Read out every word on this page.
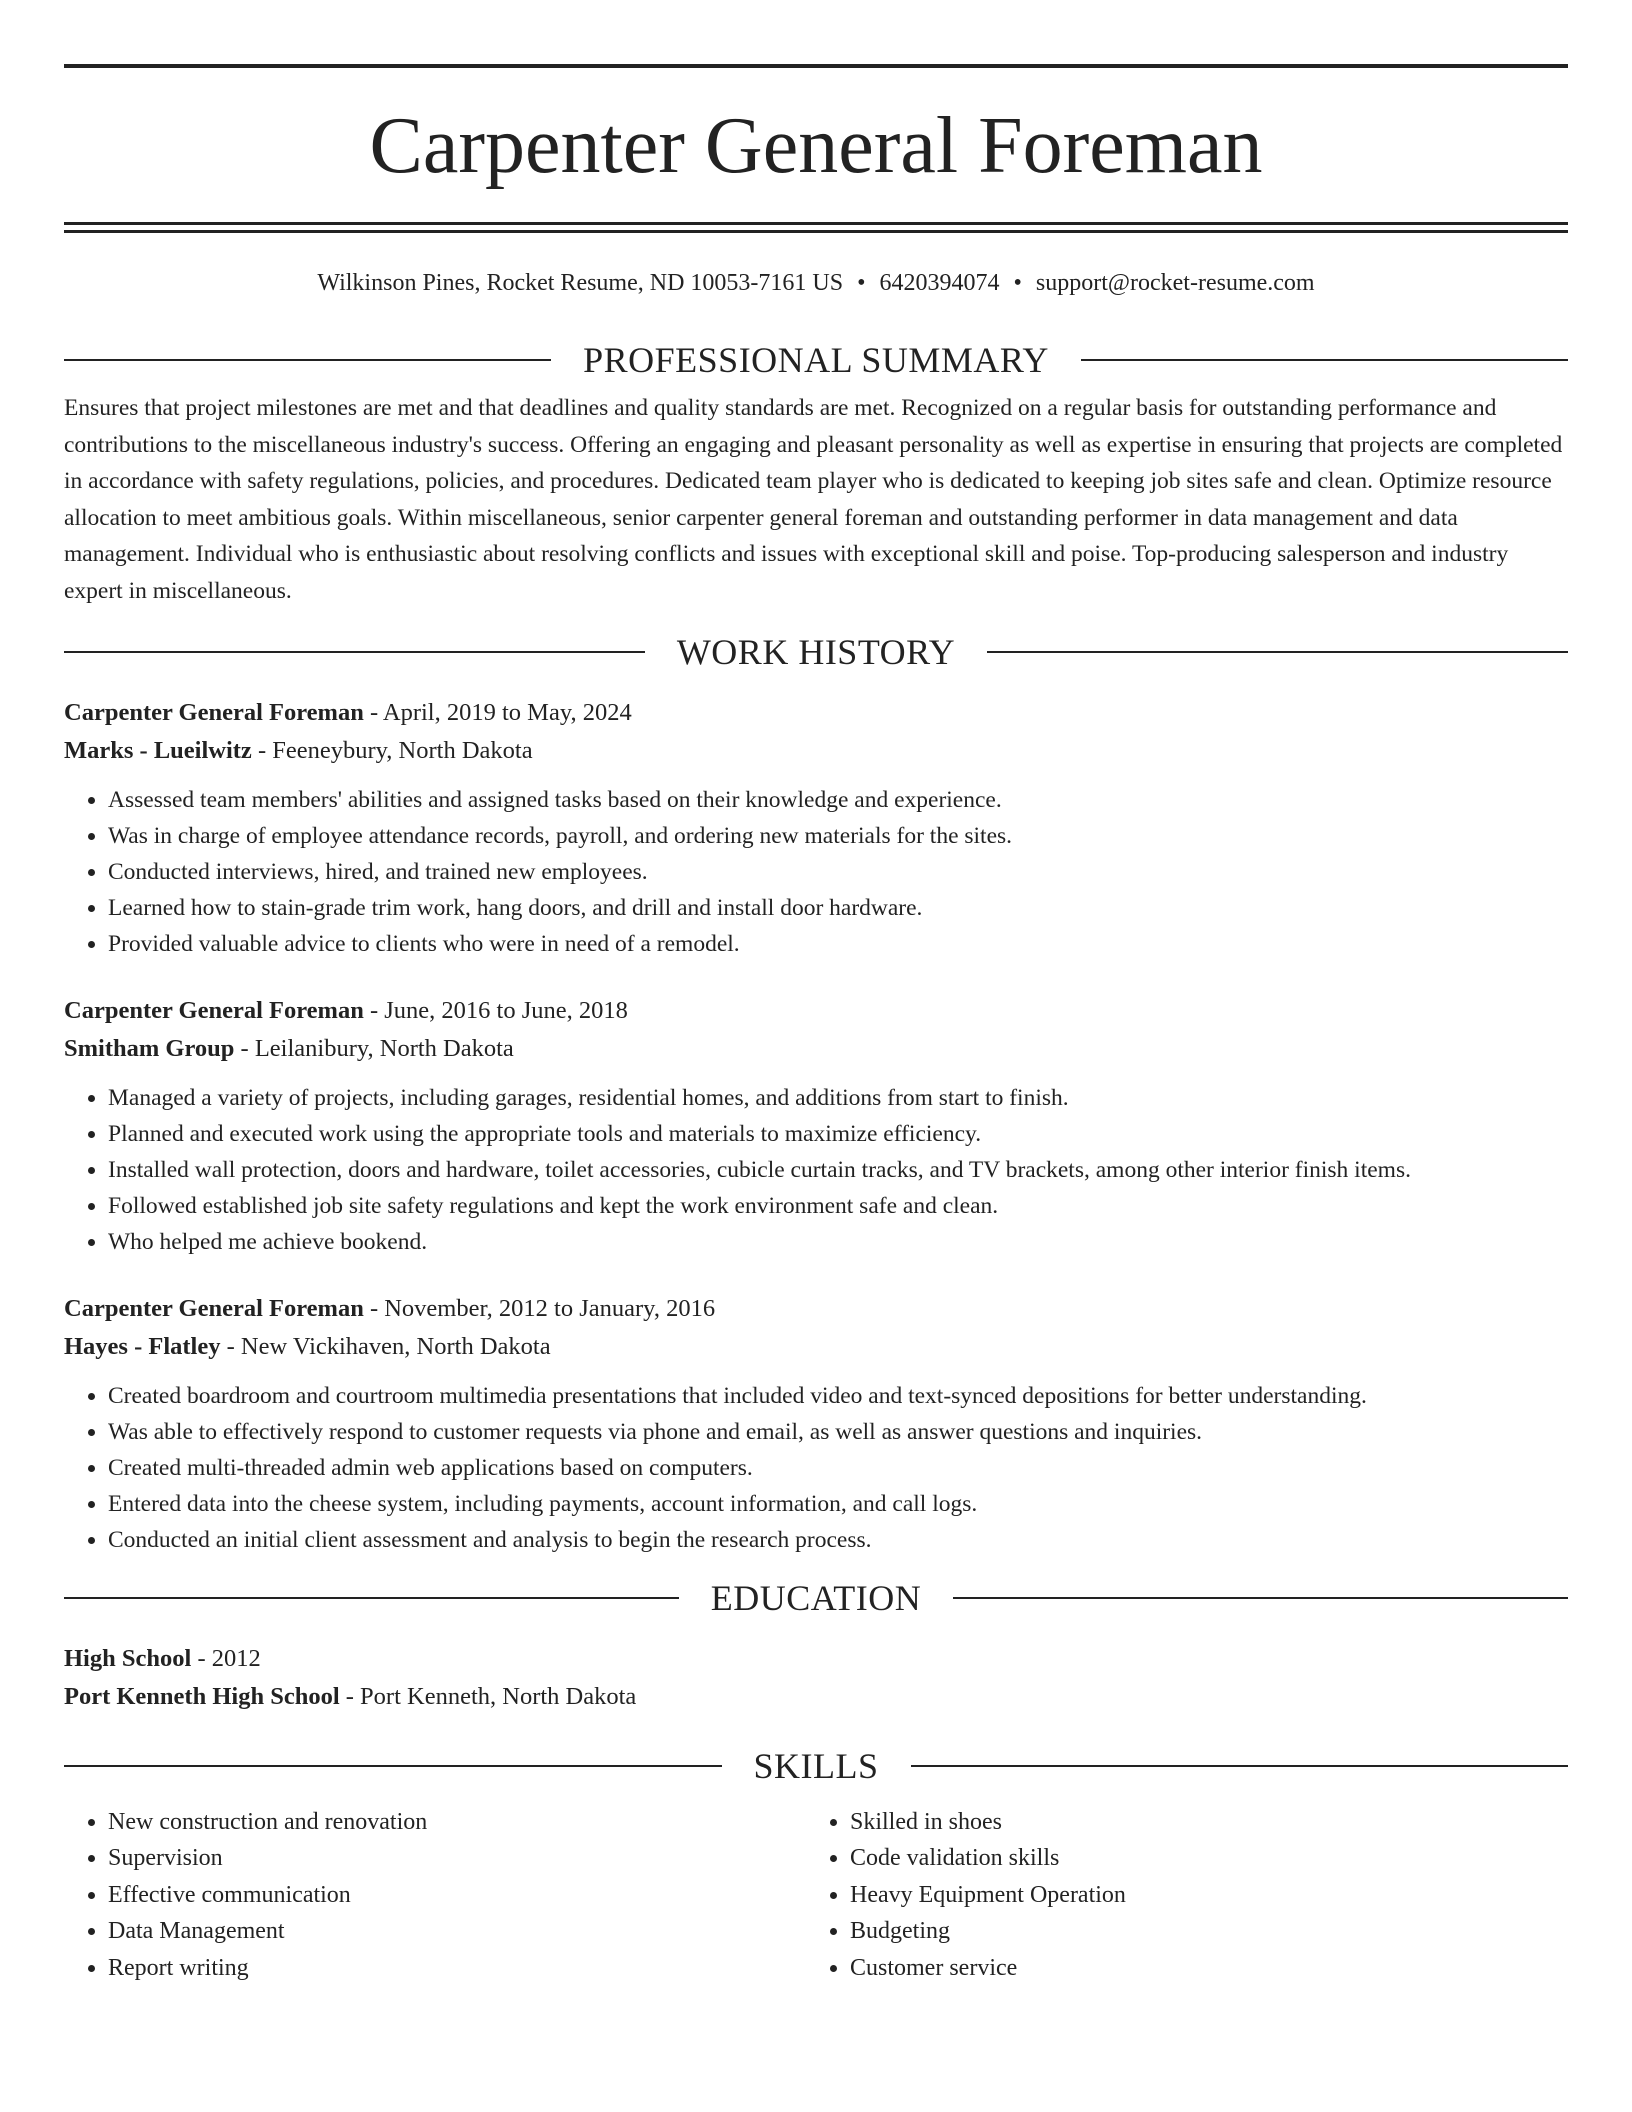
Carpenter General Foreman
Wilkinson Pines, Rocket Resume, ND 10053-7161 US • 6420394074 • support@rocket-resume.com
PROFESSIONAL SUMMARY

Ensures that project milestones are met and that deadlines and quality standards are met. Recognized on a regular basis for outstanding performance and contributions to the miscellaneous industry's success. Offering an engaging and pleasant personality as well as expertise in ensuring that projects are completed in accordance with safety regulations, policies, and procedures. Dedicated team player who is dedicated to keeping job sites safe and clean. Optimize resource allocation to meet ambitious goals. Within miscellaneous, senior carpenter general foreman and outstanding performer in data management and data management. Individual who is enthusiastic about resolving conflicts and issues with exceptional skill and poise. Top-producing salesperson and industry expert in miscellaneous.

WORK HISTORY
Carpenter General Foreman - April, 2019 to May, 2024
Marks - Lueilwitz - Feeneybury, North Dakota
• Assessed team members' abilities and assigned tasks based on their knowledge and experience.
• Was in charge of employee attendance records, payroll, and ordering new materials for the sites.
• Conducted interviews, hired, and trained new employees.
• Learned how to stain-grade trim work, hang doors, and drill and install door hardware.
• Provided valuable advice to clients who were in need of a remodel.
Carpenter General Foreman - June, 2016 to June, 2018
Smitham Group - Leilanibury, North Dakota
• Managed a variety of projects, including garages, residential homes, and additions from start to finish.
• Planned and executed work using the appropriate tools and materials to maximize efficiency.
• Installed wall protection, doors and hardware, toilet accessories, cubicle curtain tracks, and TV brackets, among other interior finish items.
• Followed established job site safety regulations and kept the work environment safe and clean.
• Who helped me achieve bookend.
Carpenter General Foreman - November, 2012 to January, 2016
Hayes - Flatley - New Vickihaven, North Dakota
• Created boardroom and courtroom multimedia presentations that included video and text-synced depositions for better understanding.
• Was able to effectively respond to customer requests via phone and email, as well as answer questions and inquiries.
• Created multi-threaded admin web applications based on computers.
• Entered data into the cheese system, including payments, account information, and call logs.
• Conducted an initial client assessment and analysis to begin the research process.
EDUCATION
High School - 2012
Port Kenneth High School - Port Kenneth, North Dakota
SKILLS
• New construction and renovation
• Supervision
• Effective communication
• Data Management
• Report writing
• Skilled in shoes
• Code validation skills
• Heavy Equipment Operation
• Budgeting
• Customer service
